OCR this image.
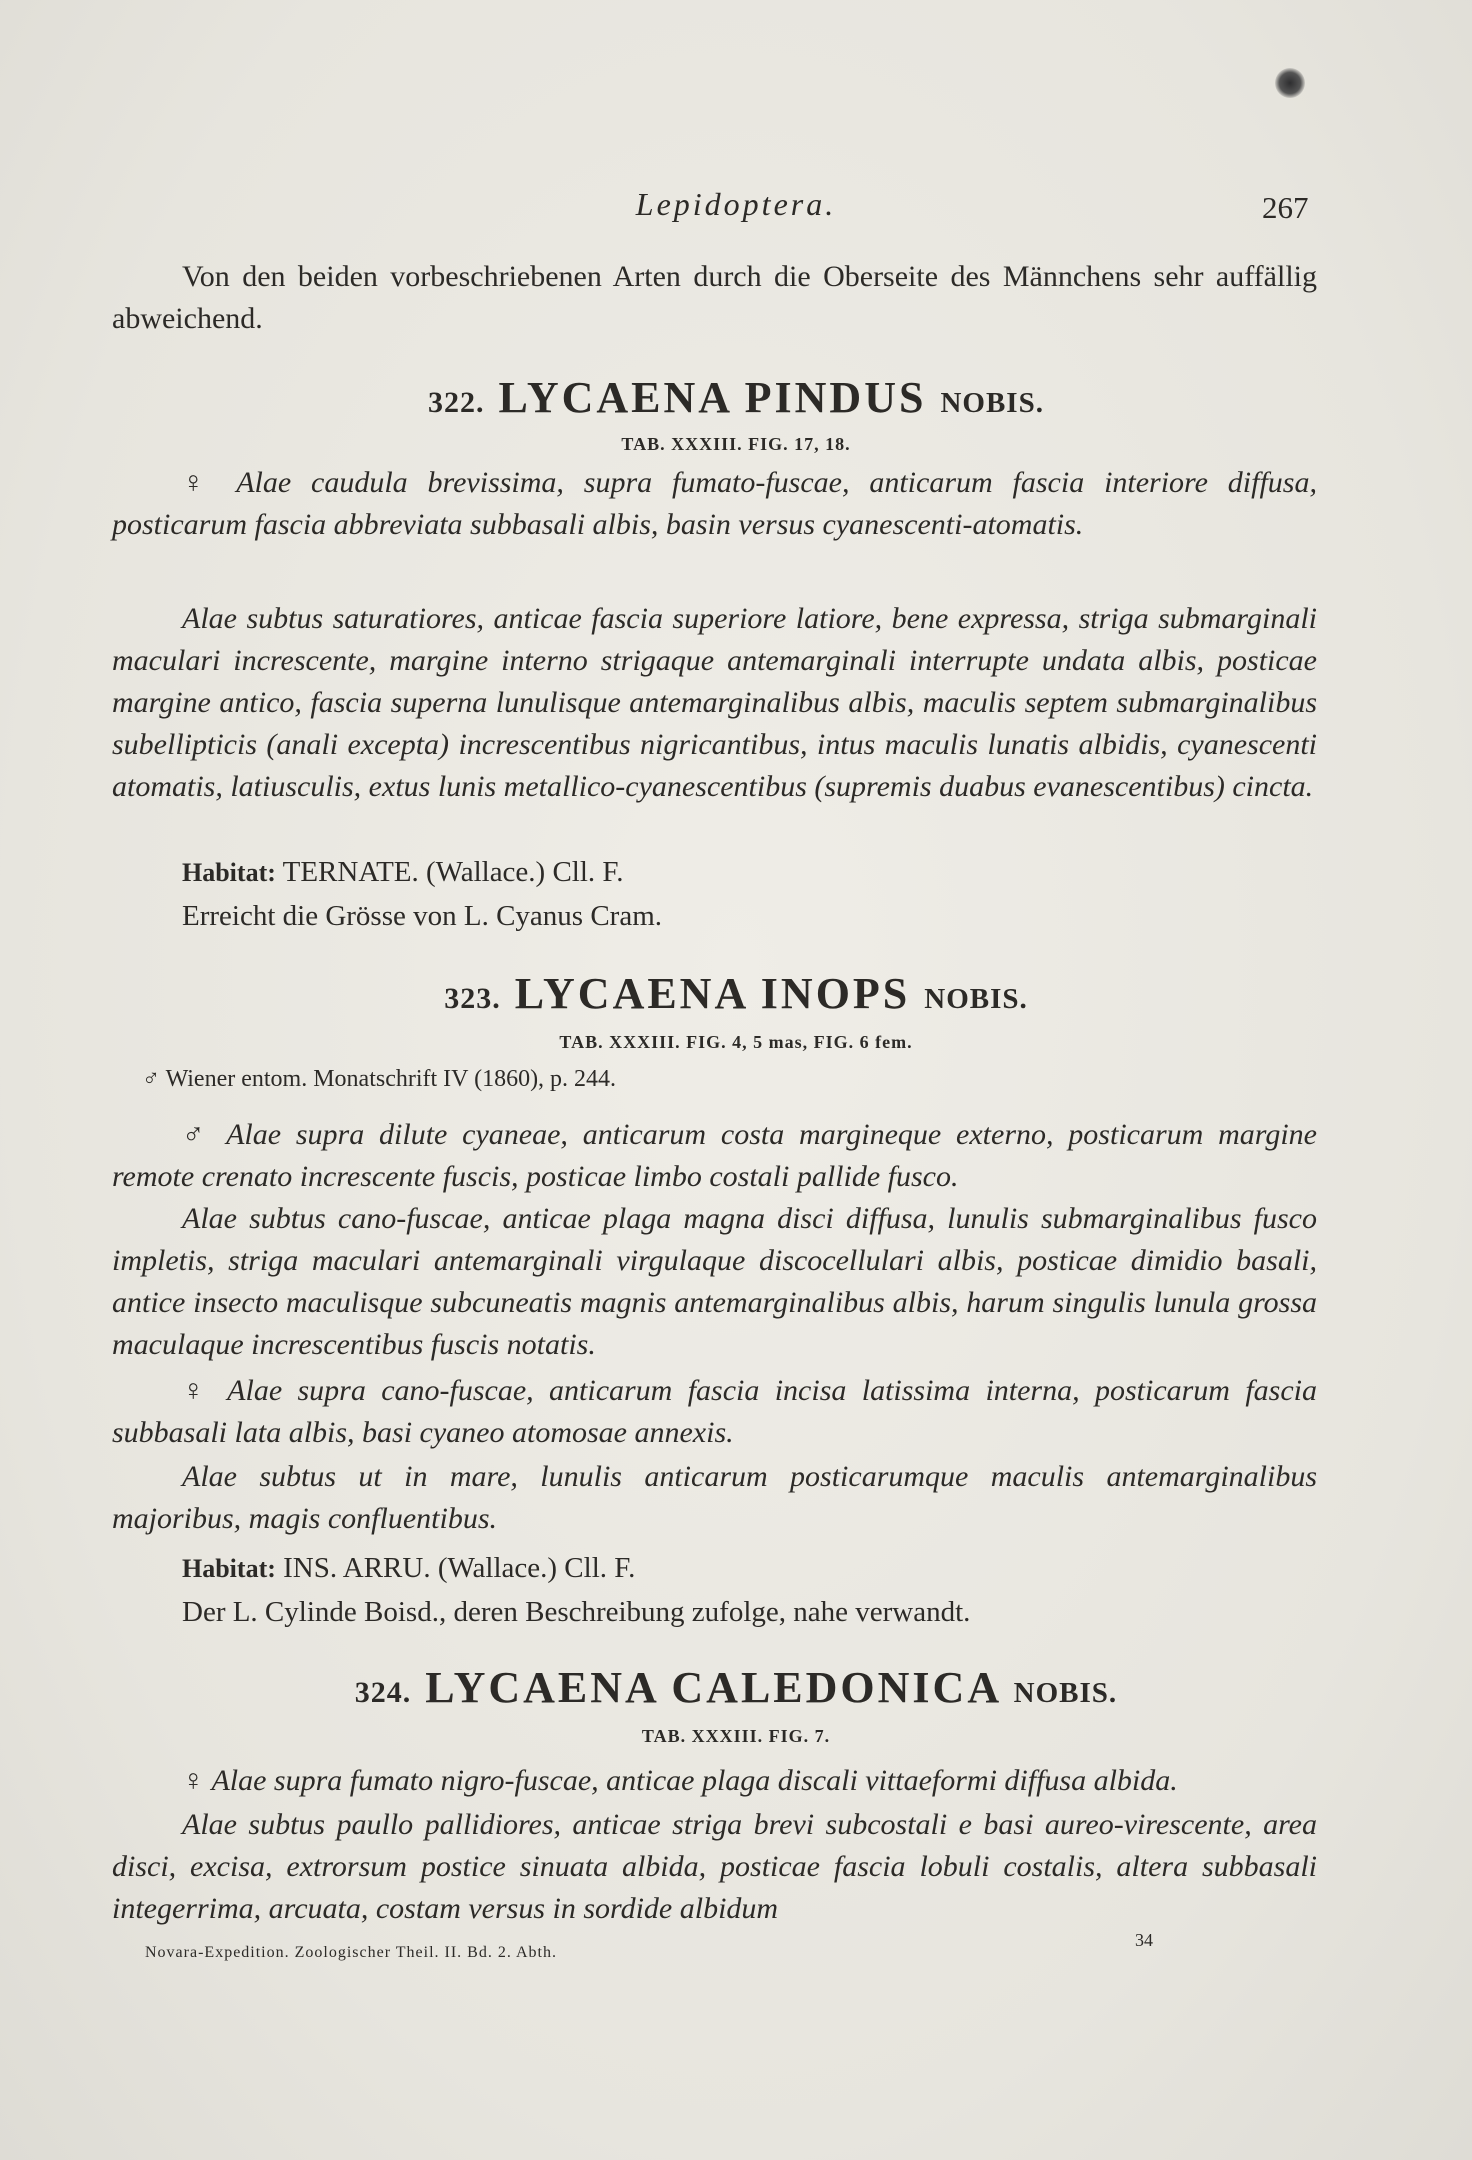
Lepidoptera.	267
Von den beiden vorbeschriebenen Arten durch die Oberseite des Männchens sehr auffällig abweichend.
322. LYCAENA PINDUS NOBIS.
TAB. XXXIII. FIG. 17, 18.
♀ Alae caudula brevissima, supra fumato-fuscae, anticarum fascia interiore diffusa, posticarum fascia abbreviata subbasali albis, basin versus cyanescenti-atomatis.
Alae subtus saturatiores, anticae fascia superiore latiore, bene expressa, striga submarginali maculari increscente, margine interno strigaque antemarginali interrupte undata albis, posticae margine antico, fascia superna lunulisque antemarginalibus albis, maculis septem submarginalibus subellipticis (anali excepta) increscentibus nigricantibus, intus maculis lunatis albidis, cyanescenti atomatis, latiusculis, extus lunis metallico-cyanescentibus (supremis duabus evanescentibus) cincta.
Habitat: TERNATE. (Wallace.) Cll. F.
Erreicht die Grösse von L. Cyanus Cram.
323. LYCAENA INOPS NOBIS.
TAB. XXXIII. FIG. 4, 5 mas, FIG. 6 fem.
♂ Wiener entom. Monatschrift IV (1860), p. 244.
♂ Alae supra dilute cyaneae, anticarum costa margineque externo, posticarum margine remote crenato increscente fuscis, posticae limbo costali pallide fusco.
Alae subtus cano-fuscae, anticae plaga magna disci diffusa, lunulis submarginalibus fusco impletis, striga maculari antemarginali virgulaque discocellulari albis, posticae dimidio basali, antice insecto maculisque subcuneatis magnis antemarginalibus albis, harum singulis lunula grossa maculaque increscentibus fuscis notatis.
♀ Alae supra cano-fuscae, anticarum fascia incisa latissima interna, posticarum fascia subbasali lata albis, basi cyaneo atomosae annexis.
Alae subtus ut in mare, lunulis anticarum posticarumque maculis antemarginalibus majoribus, magis confluentibus.
Habitat: INS. ARRU. (Wallace.) Cll. F.
Der L. Cylinde Boisd., deren Beschreibung zufolge, nahe verwandt.
324. LYCAENA CALEDONICA NOBIS.
TAB. XXXIII. FIG. 7.
♀ Alae supra fumato nigro-fuscae, anticae plaga discali vittaeformi diffusa albida.
Alae subtus paullo pallidiores, anticae striga brevi subcostali e basi aureo-virescente, area disci, excisa, extrorsum postice sinuata albida, posticae fascia lobuli costalis, altera subbasali integerrima, arcuata, costam versus in sordide albidum
34
Novara-Expedition. Zoologischer Theil. II. Bd. 2. Abth.
